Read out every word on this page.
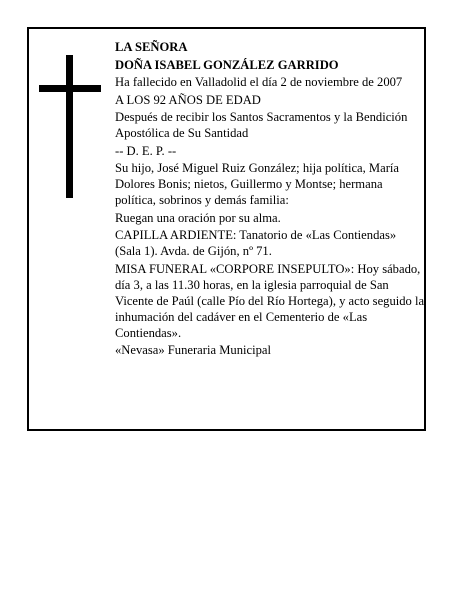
LA SEÑORA

DOÑA ISABEL GONZÁLEZ GARRIDO

Ha fallecido en Valladolid el día 2 de noviembre de 2007

A LOS 92 AÑOS DE EDAD

Después de recibir los Santos Sacramentos y la Bendición Apostólica de Su Santidad

-- D. E. P. --

Su hijo, José Miguel Ruiz González; hija política, María Dolores Bonis; nietos, Guillermo y Montse; hermana política, sobrinos y demás familia:

Ruegan una oración por su alma.

CAPILLA ARDIENTE: Tanatorio de «Las Contiendas» (Sala 1). Avda. de Gijón, nº 71.

MISA FUNERAL «CORPORE INSEPULTO»: Hoy sábado, día 3, a las 11.30 horas, en la iglesia parroquial de San Vicente de Paúl (calle Pío del Río Hortega), y acto seguido la inhumación del cadáver en el Cementerio de «Las Contiendas».

«Nevasa» Funeraria Municipal
